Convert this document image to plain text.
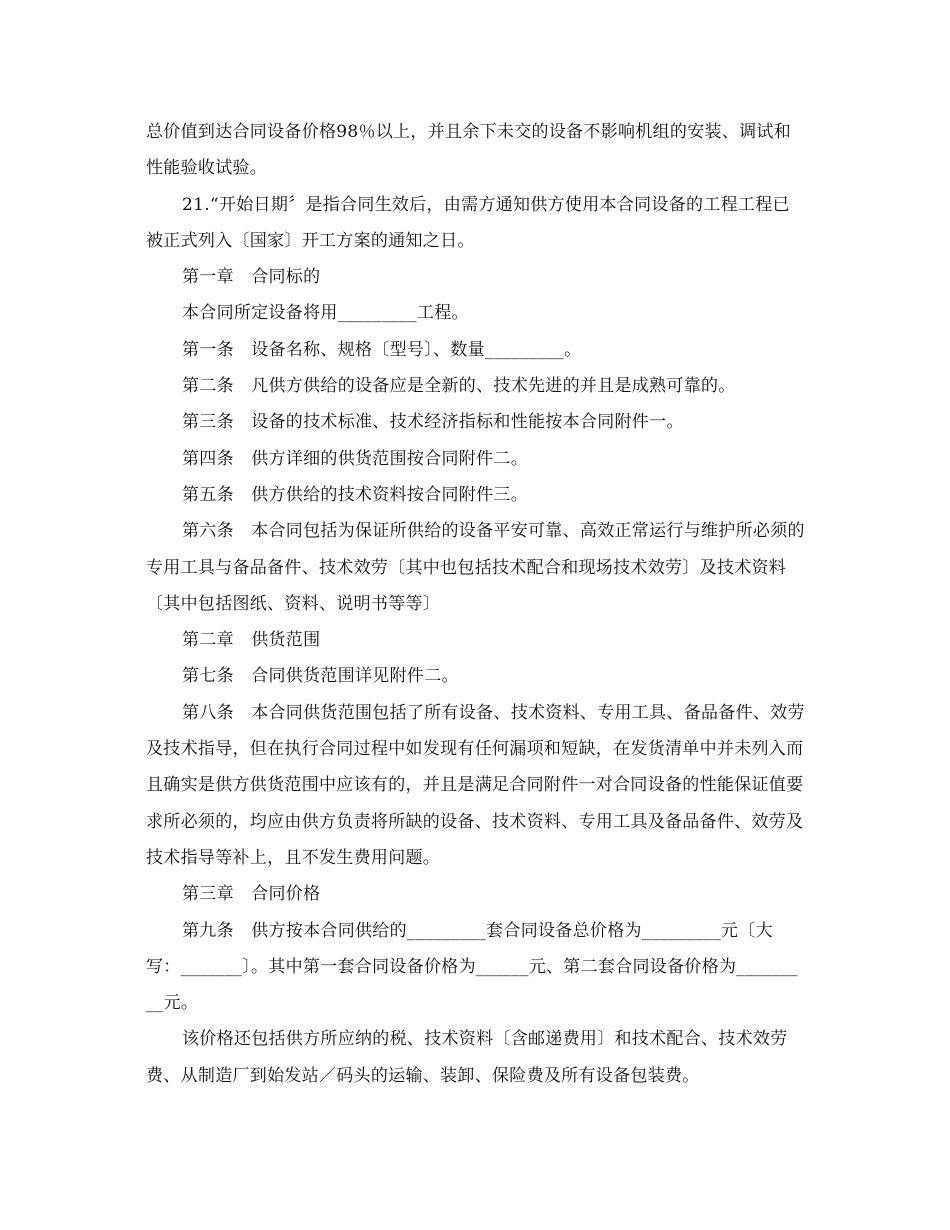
总价值到达合同设备价格98％以上，并且余下未交的设备不影响机组的安装、调试和性能验收试验。

21.“开始日期〞是指合同生效后，由需方通知供方使用本合同设备的工程工程已被正式列入〔国家〕开工方案的通知之日。

第一章　合同标的

本合同所定设备将用_________工程。

第一条　设备名称、规格〔型号〕、数量_________。

第二条　凡供方供给的设备应是全新的、技术先进的并且是成熟可靠的。

第三条　设备的技术标准、技术经济指标和性能按本合同附件一。

第四条　供方详细的供货范围按合同附件二。

第五条　供方供给的技术资料按合同附件三。

第六条　本合同包括为保证所供给的设备平安可靠、高效正常运行与维护所必须的专用工具与备品备件、技术效劳〔其中也包括技术配合和现场技术效劳〕及技术资料〔其中包括图纸、资料、说明书等等〕

第二章　供货范围

第七条　合同供货范围详见附件二。

第八条　本合同供货范围包括了所有设备、技术资料、专用工具、备品备件、效劳及技术指导，但在执行合同过程中如发现有任何漏项和短缺，在发货清单中并未列入而且确实是供方供货范围中应该有的，并且是满足合同附件一对合同设备的性能保证值要求所必须的，均应由供方负责将所缺的设备、技术资料、专用工具及备品备件、效劳及技术指导等补上，且不发生费用问题。

第三章　合同价格

第九条　供方按本合同供给的_________套合同设备总价格为_________元〔大写：_______〕。其中第一套合同设备价格为______元、第二套合同设备价格为_________元。

该价格还包括供方所应纳的税、技术资料〔含邮递费用〕和技术配合、技术效劳费、从制造厂到始发站／码头的运输、装卸、保险费及所有设备包装费。
